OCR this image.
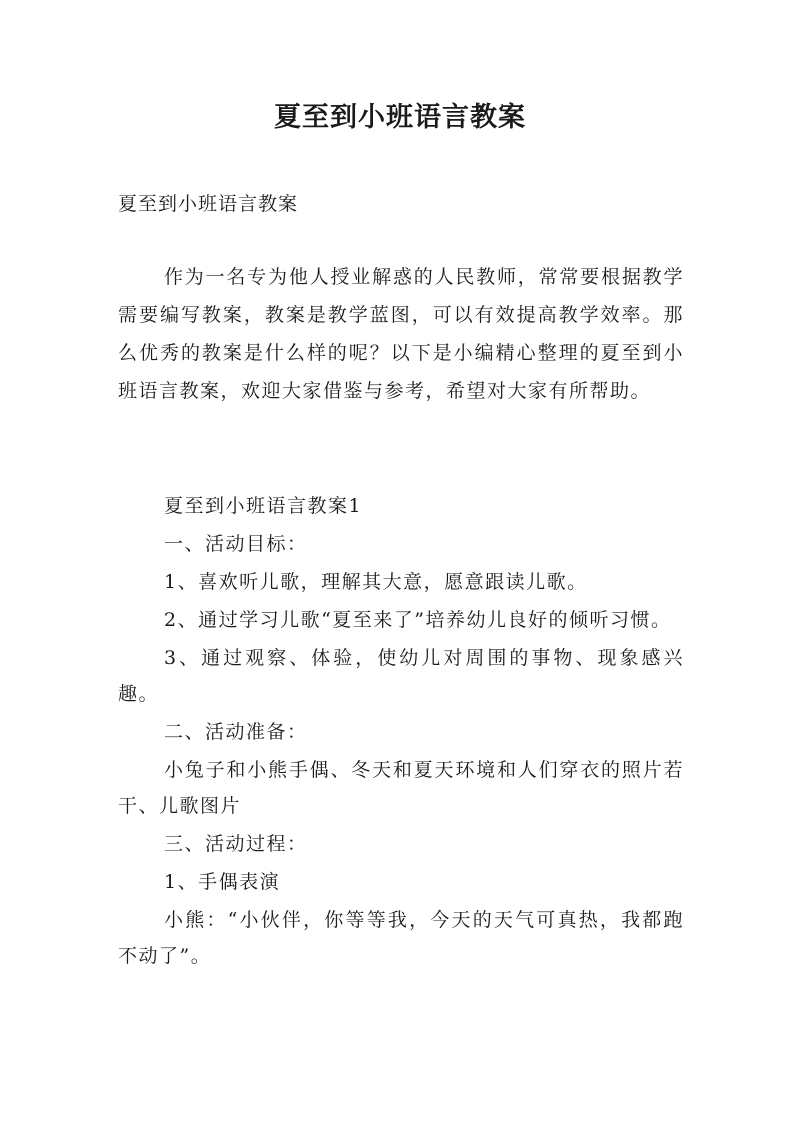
夏至到小班语言教案
夏至到小班语言教案
作为一名专为他人授业解惑的人民教师，常常要根据教学需要编写教案，教案是教学蓝图，可以有效提高教学效率。那么优秀的教案是什么样的呢？以下是小编精心整理的夏至到小班语言教案，欢迎大家借鉴与参考，希望对大家有所帮助。

夏至到小班语言教案1

一、活动目标：

1、喜欢听儿歌，理解其大意，愿意跟读儿歌。

2、通过学习儿歌“夏至来了”培养幼儿良好的倾听习惯。

3、通过观察、体验，使幼儿对周围的事物、现象感兴趣。

二、活动准备：

小兔子和小熊手偶、冬天和夏天环境和人们穿衣的照片若干、儿歌图片

三、活动过程：

1、手偶表演

小熊：“小伙伴，你等等我，今天的天气可真热，我都跑不动了”。
